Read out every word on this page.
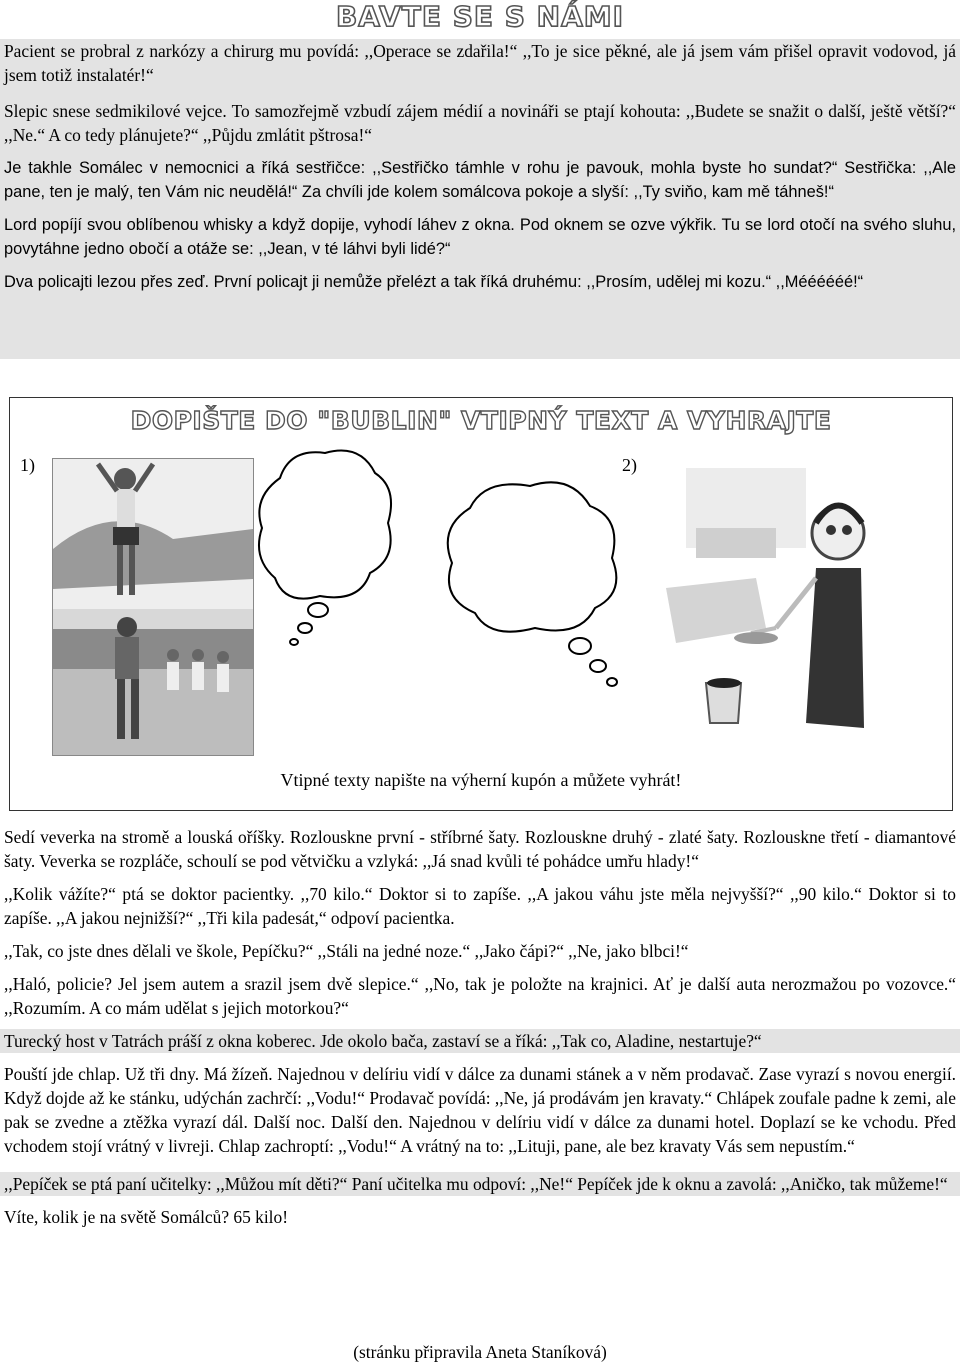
BAVTE SE S NÁMI
Pacient se probral z narkózy a chirurg mu povídá: ,,Operace se zdařila!“ ,,To je sice pěkné, ale já jsem vám přišel opravit vodovod, já jsem totiž instalatér!“
Slepic snese sedmikilové vejce. To samozřejmě vzbudí zájem médií a novináři se ptají kohouta: ,,Budete se snažit o další, ještě větší?“ ,,Ne.“ A co tedy plánujete?“ ,,Půjdu zmlátit pštrosa!“
Je takhle Somálec v nemocnici a říká sestřičce: ,,Sestřičko támhle v rohu je pavouk, mohla byste ho sundat?“ Sestřička: ,,Ale pane, ten je malý, ten Vám nic neudělá!“ Za chvíli jde kolem somálcova pokoje a slyší: ,,Ty sviňo, kam mě táhneš!“
Lord popíjí svou oblíbenou whisky a když dopije, vyhodí láhev z okna. Pod oknem se ozve výkřik. Tu se lord otočí na svého sluhu, povytáhne jedno obočí a otáže se: ,,Jean, v té láhvi byli lidé?“
Dva policajti lezou přes zeď. První policajt ji nemůže přelézt a tak říká druhému: ,,Prosím, udělej mi kozu.“ ,,Méééééé!“
DOPIŠTE DO "BUBLIN" VTIPNÝ TEXT A VYHRAJTE
1)	2)
Vtipné texty napište na výherní kupón a můžete vyhrát!
Sedí veverka na stromě a louská oříšky. Rozlouskne první - stříbrné šaty. Rozlouskne druhý - zlaté šaty. Rozlouskne třetí - diamantové šaty. Veverka se rozpláče, schoulí se pod větvičku a vzlyká: ,,Já snad kvůli té pohádce umřu hlady!“
,,Kolik vážíte?“ ptá se doktor pacientky. ,,70 kilo.“ Doktor si to zapíše. ,,A jakou váhu jste měla nejvyšší?“ ,,90 kilo.“ Doktor si to zapíše. ,,A jakou nejnižší?“ ,,Tři kila padesát,“ odpoví pacientka.
,,Tak, co jste dnes dělali ve škole, Pepíčku?“ ,,Stáli na jedné noze.“ ,,Jako čápi?“ ,,Ne, jako blbci!“
,,Haló, policie? Jel jsem autem a srazil jsem dvě slepice.“ ,,No, tak je položte na krajnici. Ať je další auta nerozmažou po vozovce.“ ,,Rozumím. A co mám udělat s jejich motorkou?“
Turecký host v Tatrách práší z okna koberec. Jde okolo bača, zastaví se a říká: ,,Tak co, Aladine, nestartuje?“
Pouští jde chlap. Už tři dny. Má žízeň. Najednou v delíriu vidí v dálce za dunami stánek a v něm prodavač. Zase vyrazí s novou energií. Když dojde až ke stánku, udýchán zachrčí: ,,Vodu!“ Prodavač povídá: ,,Ne, já prodávám jen kravaty.“ Chlápek zoufale padne k zemi, ale pak se zvedne a ztěžka vyrazí dál. Další noc. Další den. Najednou v delíriu vidí v dálce za dunami hotel. Doplazí se ke vchodu. Před vchodem stojí vrátný v livreji. Chlap zachroptí: ,,Vodu!“ A vrátný na to: ,,Lituji, pane, ale bez kravaty Vás sem nepustím.“
,,Pepíček se ptá paní učitelky: ,,Můžou mít děti?“ Paní učitelka mu odpoví: ,,Ne!“ Pepíček jde k oknu a zavolá: ,,Aničko, tak můžeme!“
Víte, kolik je na světě Somálců? 65 kilo!
(stránku připravila Aneta Staníková)
